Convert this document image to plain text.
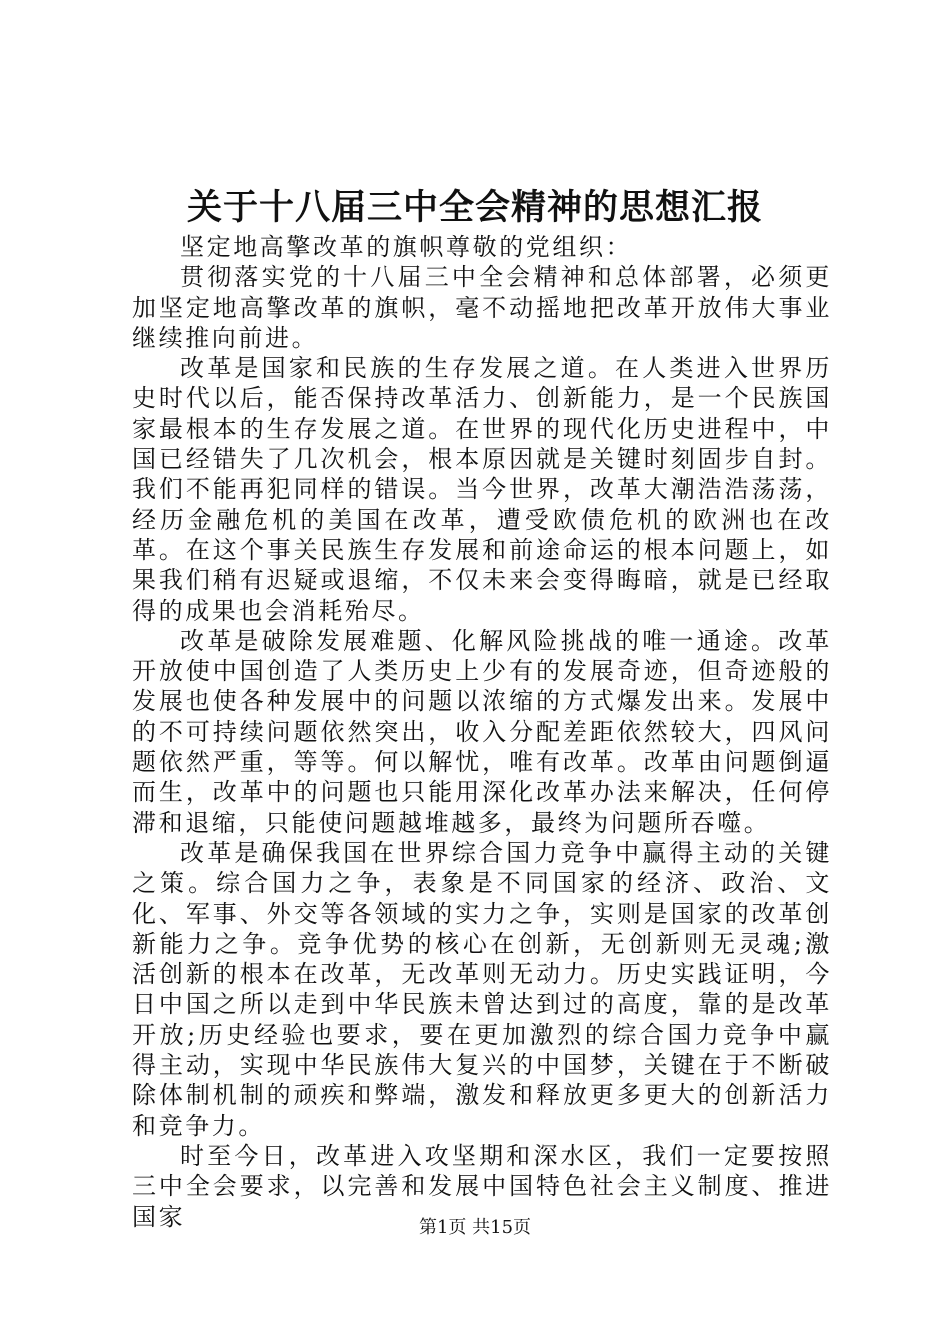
关于十八届三中全会精神的思想汇报

坚定地高擎改革的旗帜尊敬的党组织：

贯彻落实党的十八届三中全会精神和总体部署，必须更加坚定地高擎改革的旗帜，毫不动摇地把改革开放伟大事业继续推向前进。

改革是国家和民族的生存发展之道。在人类进入世界历史时代以后，能否保持改革活力、创新能力，是一个民族国家最根本的生存发展之道。在世界的现代化历史进程中，中国已经错失了几次机会，根本原因就是关键时刻固步自封。我们不能再犯同样的错误。当今世界，改革大潮浩浩荡荡，经历金融危机的美国在改革，遭受欧债危机的欧洲也在改革。在这个事关民族生存发展和前途命运的根本问题上，如果我们稍有迟疑或退缩，不仅未来会变得晦暗，就是已经取得的成果也会消耗殆尽。

改革是破除发展难题、化解风险挑战的唯一通途。改革开放使中国创造了人类历史上少有的发展奇迹，但奇迹般的发展也使各种发展中的问题以浓缩的方式爆发出来。发展中的不可持续问题依然突出，收入分配差距依然较大，四风问题依然严重，等等。何以解忧，唯有改革。改革由问题倒逼而生，改革中的问题也只能用深化改革办法来解决，任何停滞和退缩，只能使问题越堆越多，最终为问题所吞噬。

改革是确保我国在世界综合国力竞争中赢得主动的关键之策。综合国力之争，表象是不同国家的经济、政治、文化、军事、外交等各领域的实力之争，实则是国家的改革创新能力之争。竞争优势的核心在创新，无创新则无灵魂;激活创新的根本在改革，无改革则无动力。历史实践证明，今日中国之所以走到中华民族未曾达到过的高度，靠的是改革开放;历史经验也要求，要在更加激烈的综合国力竞争中赢得主动，实现中华民族伟大复兴的中国梦，关键在于不断破除体制机制的顽疾和弊端，激发和释放更多更大的创新活力和竞争力。

时至今日，改革进入攻坚期和深水区，我们一定要按照三中全会要求，以完善和发展中国特色社会主义制度、推进国家	第1页 共15页
